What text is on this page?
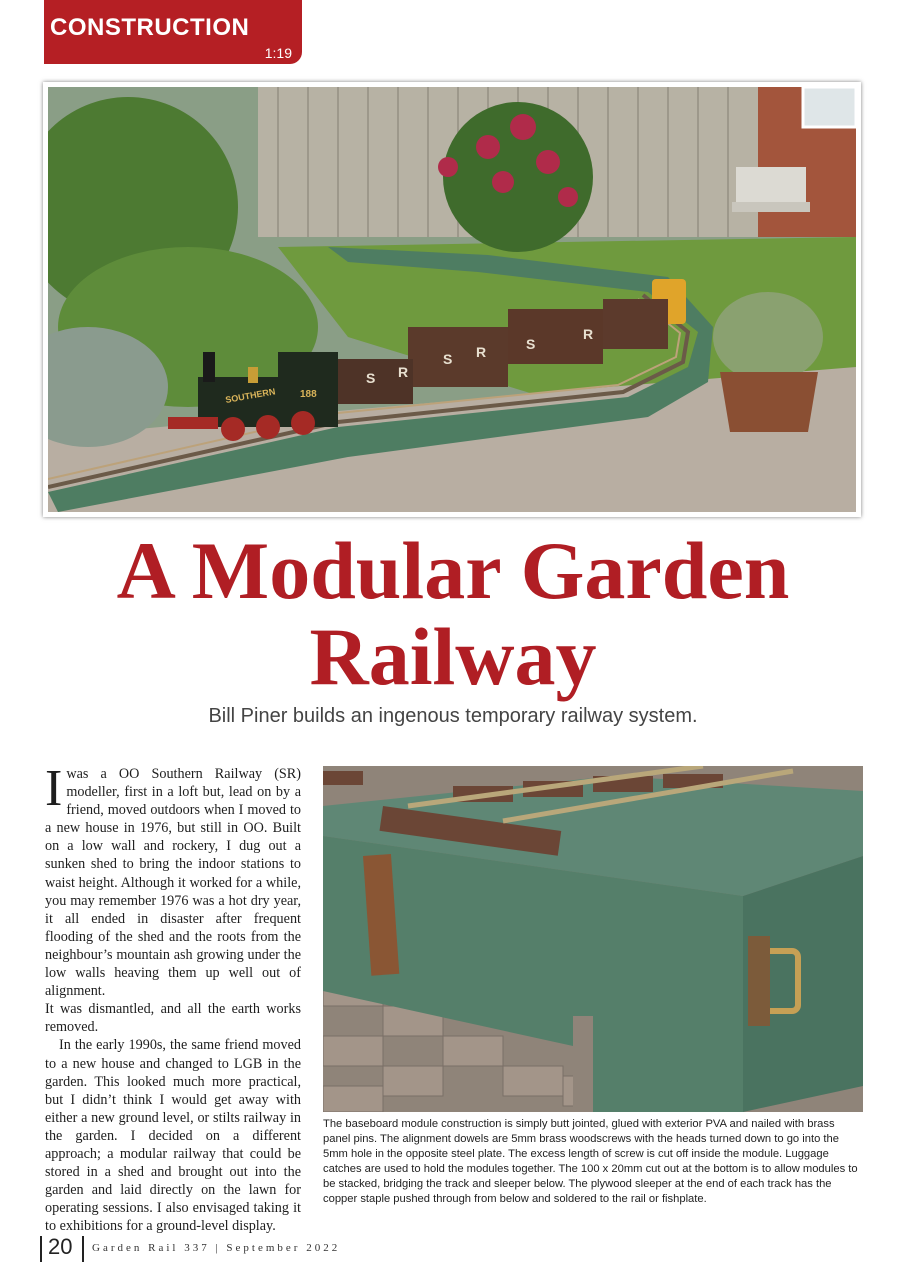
CONSTRUCTION
1:19
S R	S
R
S R
SOUTHERN 188
A Modular Garden
Railway
Bill Piner builds an ingenous temporary railway system.

I was a OO Southern Railway (SR) modeller, first in a loft but, lead on by a friend, moved outdoors when I moved to a new house in 1976, but still in OO. Built on a low wall and rockery, I dug out a sunken shed to bring the indoor stations to waist height. Although it worked for a while, you may remember 1976 was a hot dry year, it all ended in disaster after frequent flooding of the shed and the roots from the neighbour’s mountain ash growing under the low walls heaving them up well out of alignment.

It was dismantled, and all the earth works removed.

In the early 1990s, the same friend moved to a new house and changed to LGB in the garden. This looked much more practical, but I didn’t think I would get away with either a new ground level, or stilts railway in the garden. I decided on a different approach; a modular railway that could be stored in a shed and brought out into the garden and laid directly on the lawn for operating sessions. I also envisaged taking it to exhibitions for a ground-level display.

The baseboard module construction is simply butt jointed, glued with exterior PVA and nailed with brass panel pins. The alignment dowels are 5mm brass woodscrews with the heads turned down to go into the 5mm hole in the opposite steel plate. The excess length of screw is cut off inside the module. Luggage catches are used to hold the modules together. The 100 x 20mm cut out at the bottom is to allow modules to be stacked, bridging the track and sleeper below. The plywood sleeper at the end of each track has the copper staple pushed through from below and soldered to the rail or fishplate.
20 Garden Rail 337 | September 2022
